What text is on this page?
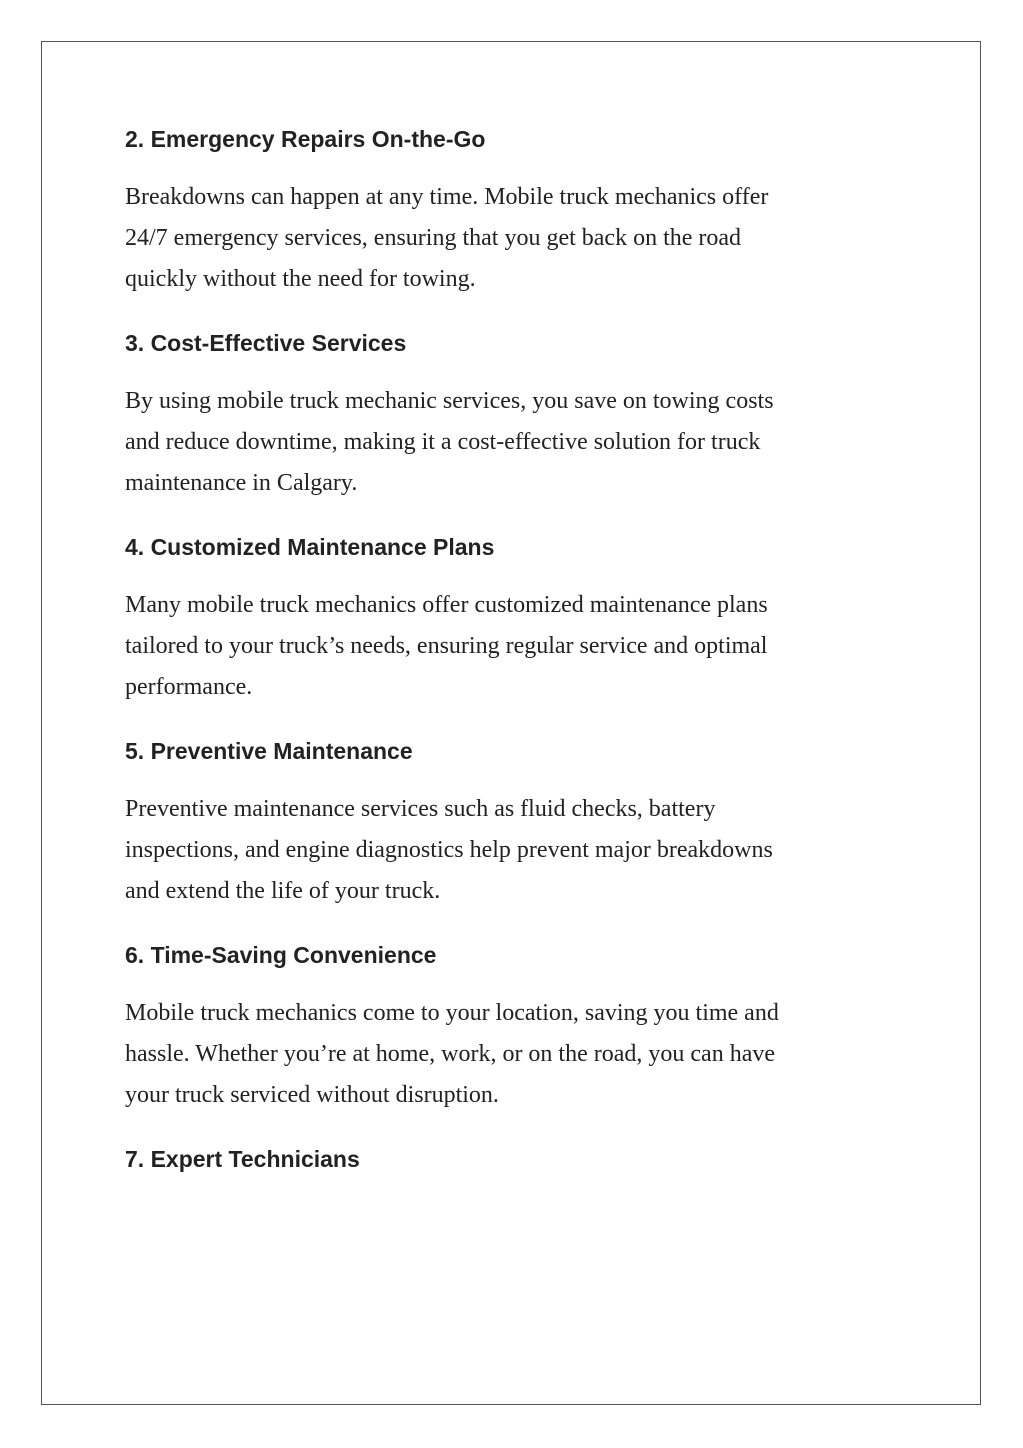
2. Emergency Repairs On-the-Go

Breakdowns can happen at any time. Mobile truck mechanics offer
24/7 emergency services, ensuring that you get back on the road
quickly without the need for towing.

3. Cost-Effective Services

By using mobile truck mechanic services, you save on towing costs
and reduce downtime, making it a cost-effective solution for truck
maintenance in Calgary.

4. Customized Maintenance Plans

Many mobile truck mechanics offer customized maintenance plans
tailored to your truck’s needs, ensuring regular service and optimal
performance.

5. Preventive Maintenance

Preventive maintenance services such as fluid checks, battery
inspections, and engine diagnostics help prevent major breakdowns
and extend the life of your truck.

6. Time-Saving Convenience

Mobile truck mechanics come to your location, saving you time and
hassle. Whether you’re at home, work, or on the road, you can have
your truck serviced without disruption.

7. Expert Technicians
